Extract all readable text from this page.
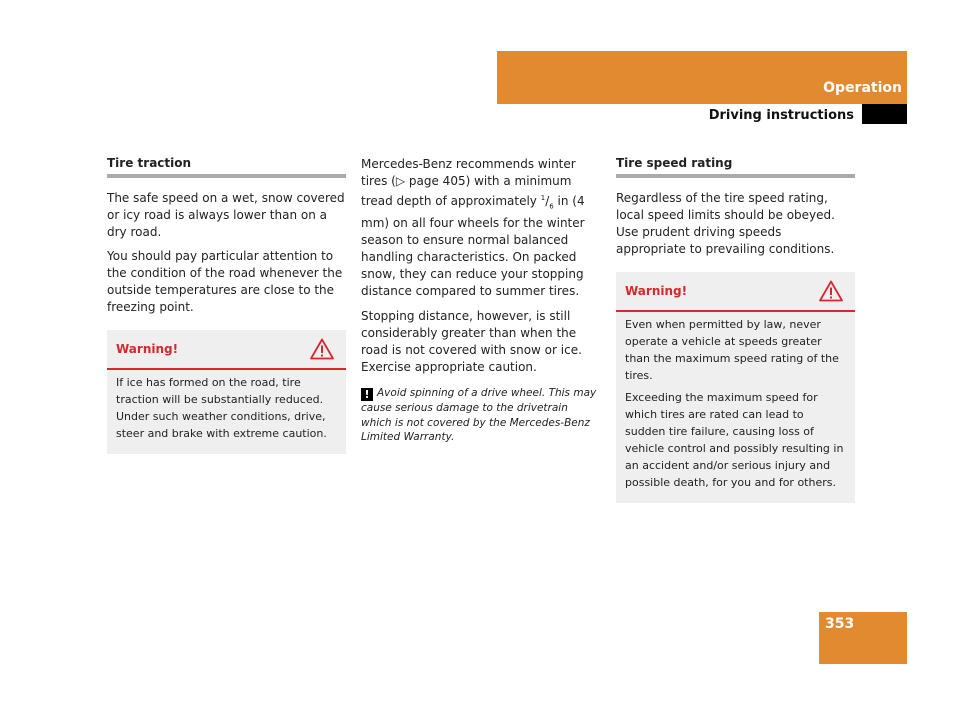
Operation
Driving instructions
Tire traction

The safe speed on a wet, snow covered or icy road is always lower than on a dry road.

You should pay particular attention to the condition of the road whenever the outside temperatures are close to the freezing point.

Warning!

If ice has formed on the road, tire traction will be substantially reduced. Under such weather conditions, drive, steer and brake with extreme caution.

Mercedes-Benz recommends winter tires (▷ page 405) with a minimum tread depth of approximately $^1/_6$ in (4 mm) on all four wheels for the winter season to ensure normal balanced handling characteristics. On packed snow, they can reduce your stopping distance compared to summer tires.

Stopping distance, however, is still considerably greater than when the road is not covered with snow or ice. Exercise appropriate caution.

! Avoid spinning of a drive wheel. This may cause serious damage to the drivetrain which is not covered by the Mercedes-Benz Limited Warranty.
Tire speed rating

Regardless of the tire speed rating, local speed limits should be obeyed. Use prudent driving speeds appropriate to prevailing conditions.

Warning!

Even when permitted by law, never operate a vehicle at speeds greater than the maximum speed rating of the tires.

Exceeding the maximum speed for which tires are rated can lead to sudden tire failure, causing loss of vehicle control and possibly resulting in an accident and/or serious injury and possible death, for you and for others.

353
